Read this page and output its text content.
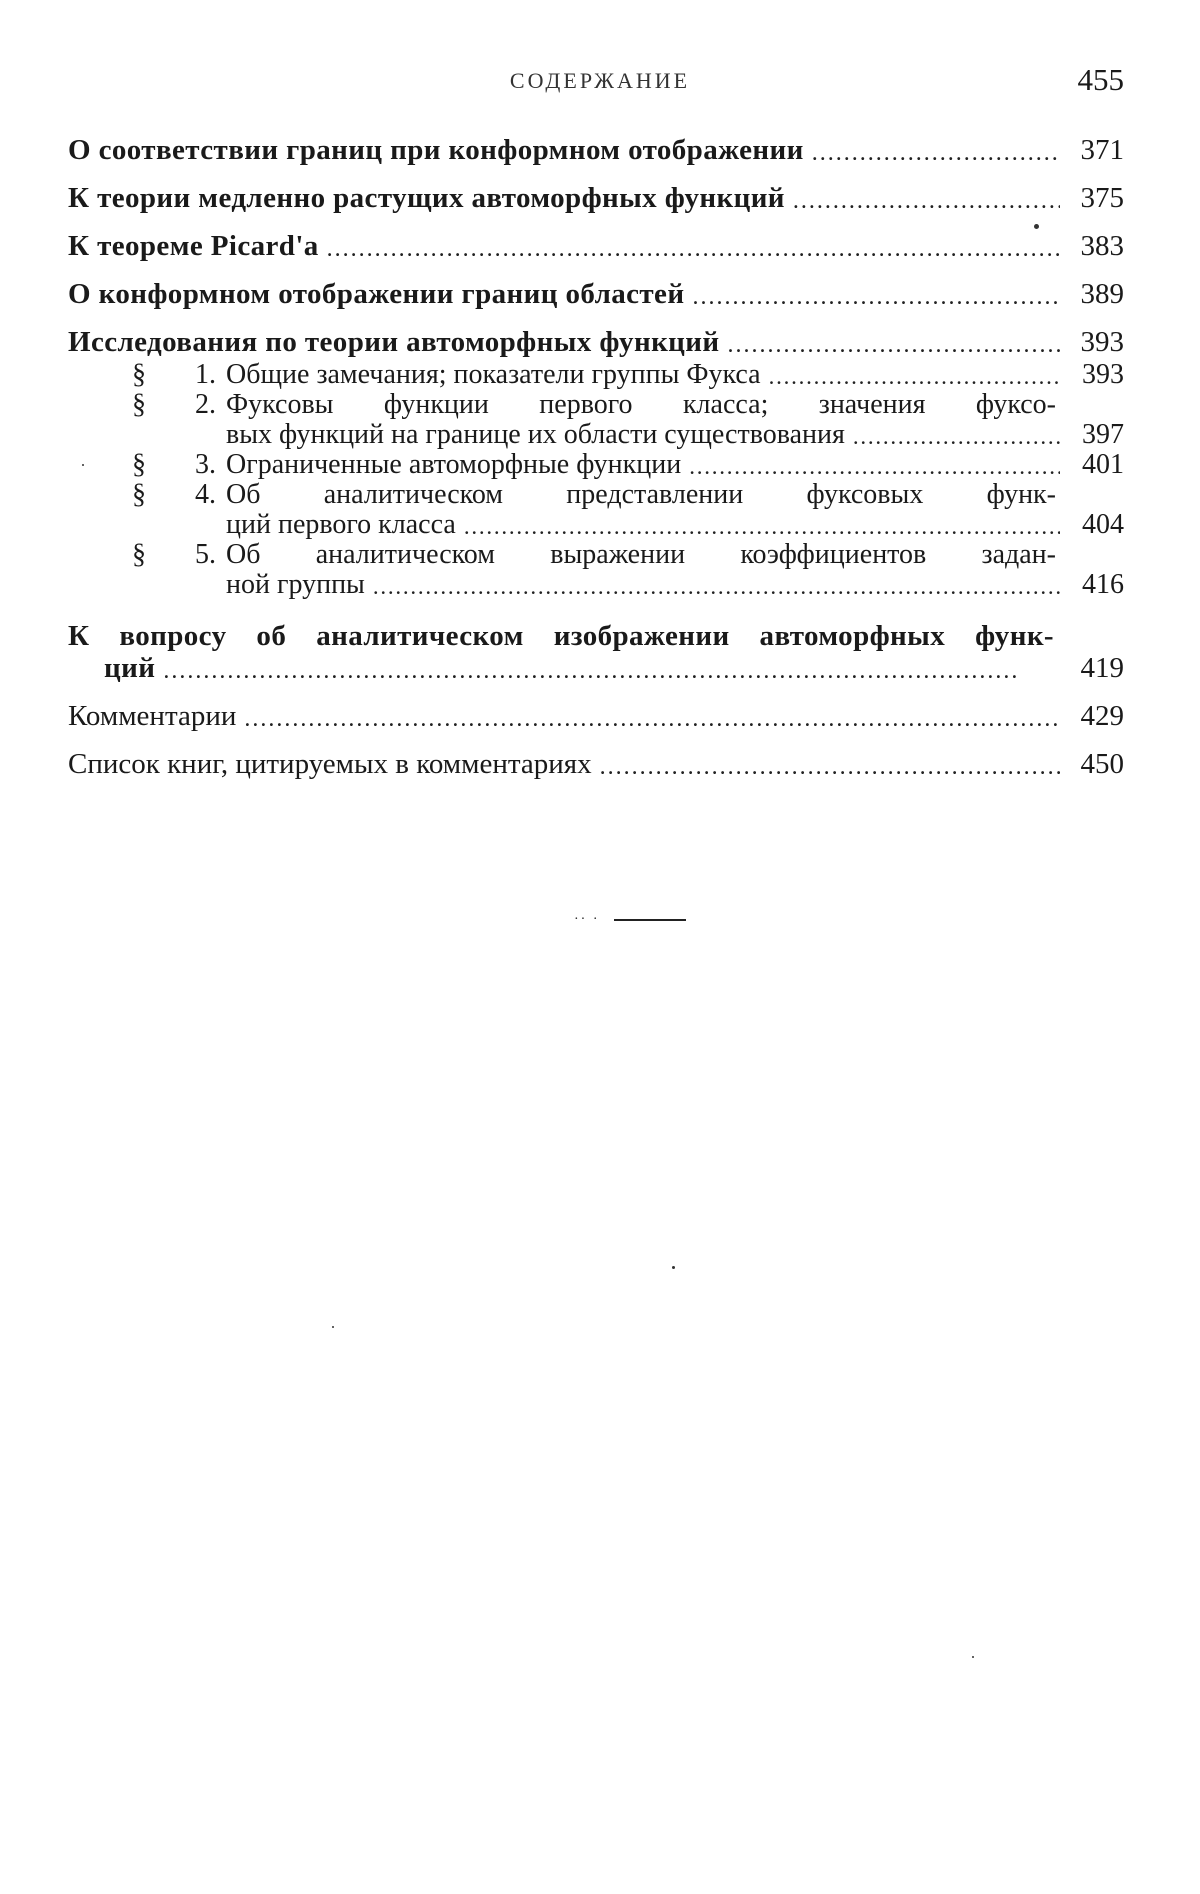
СОДЕРЖАНИЕ	455
О соответствии границ при конформном отображении . . .	371
К теории медленно растущих автоморфных функций . . .	375
К теореме Picard'а . . .	383
О конформном отображении границ областей . . .	389
Исследования по теории автоморфных функций . . .	393
§	1. Общие замечания; показатели группы Фукса . . .	393
§	2. Фуксовы функции первого класса; значения фуксо-
вых функций на границе их области существования . . .	397
§	3. Ограниченные автоморфные функции . . .	401
§	4. Об аналитическом представлении фуксовых функ-
ций первого класса . . .	404
§	5. Об аналитическом выражении коэффициентов задан-
ной группы . . .	416
К вопросу об аналитическом изображении автоморфных функ-
ций . . .	419
Комментарии . . .	429
Список книг, цитируемых в комментариях . . .	450
·· ·
